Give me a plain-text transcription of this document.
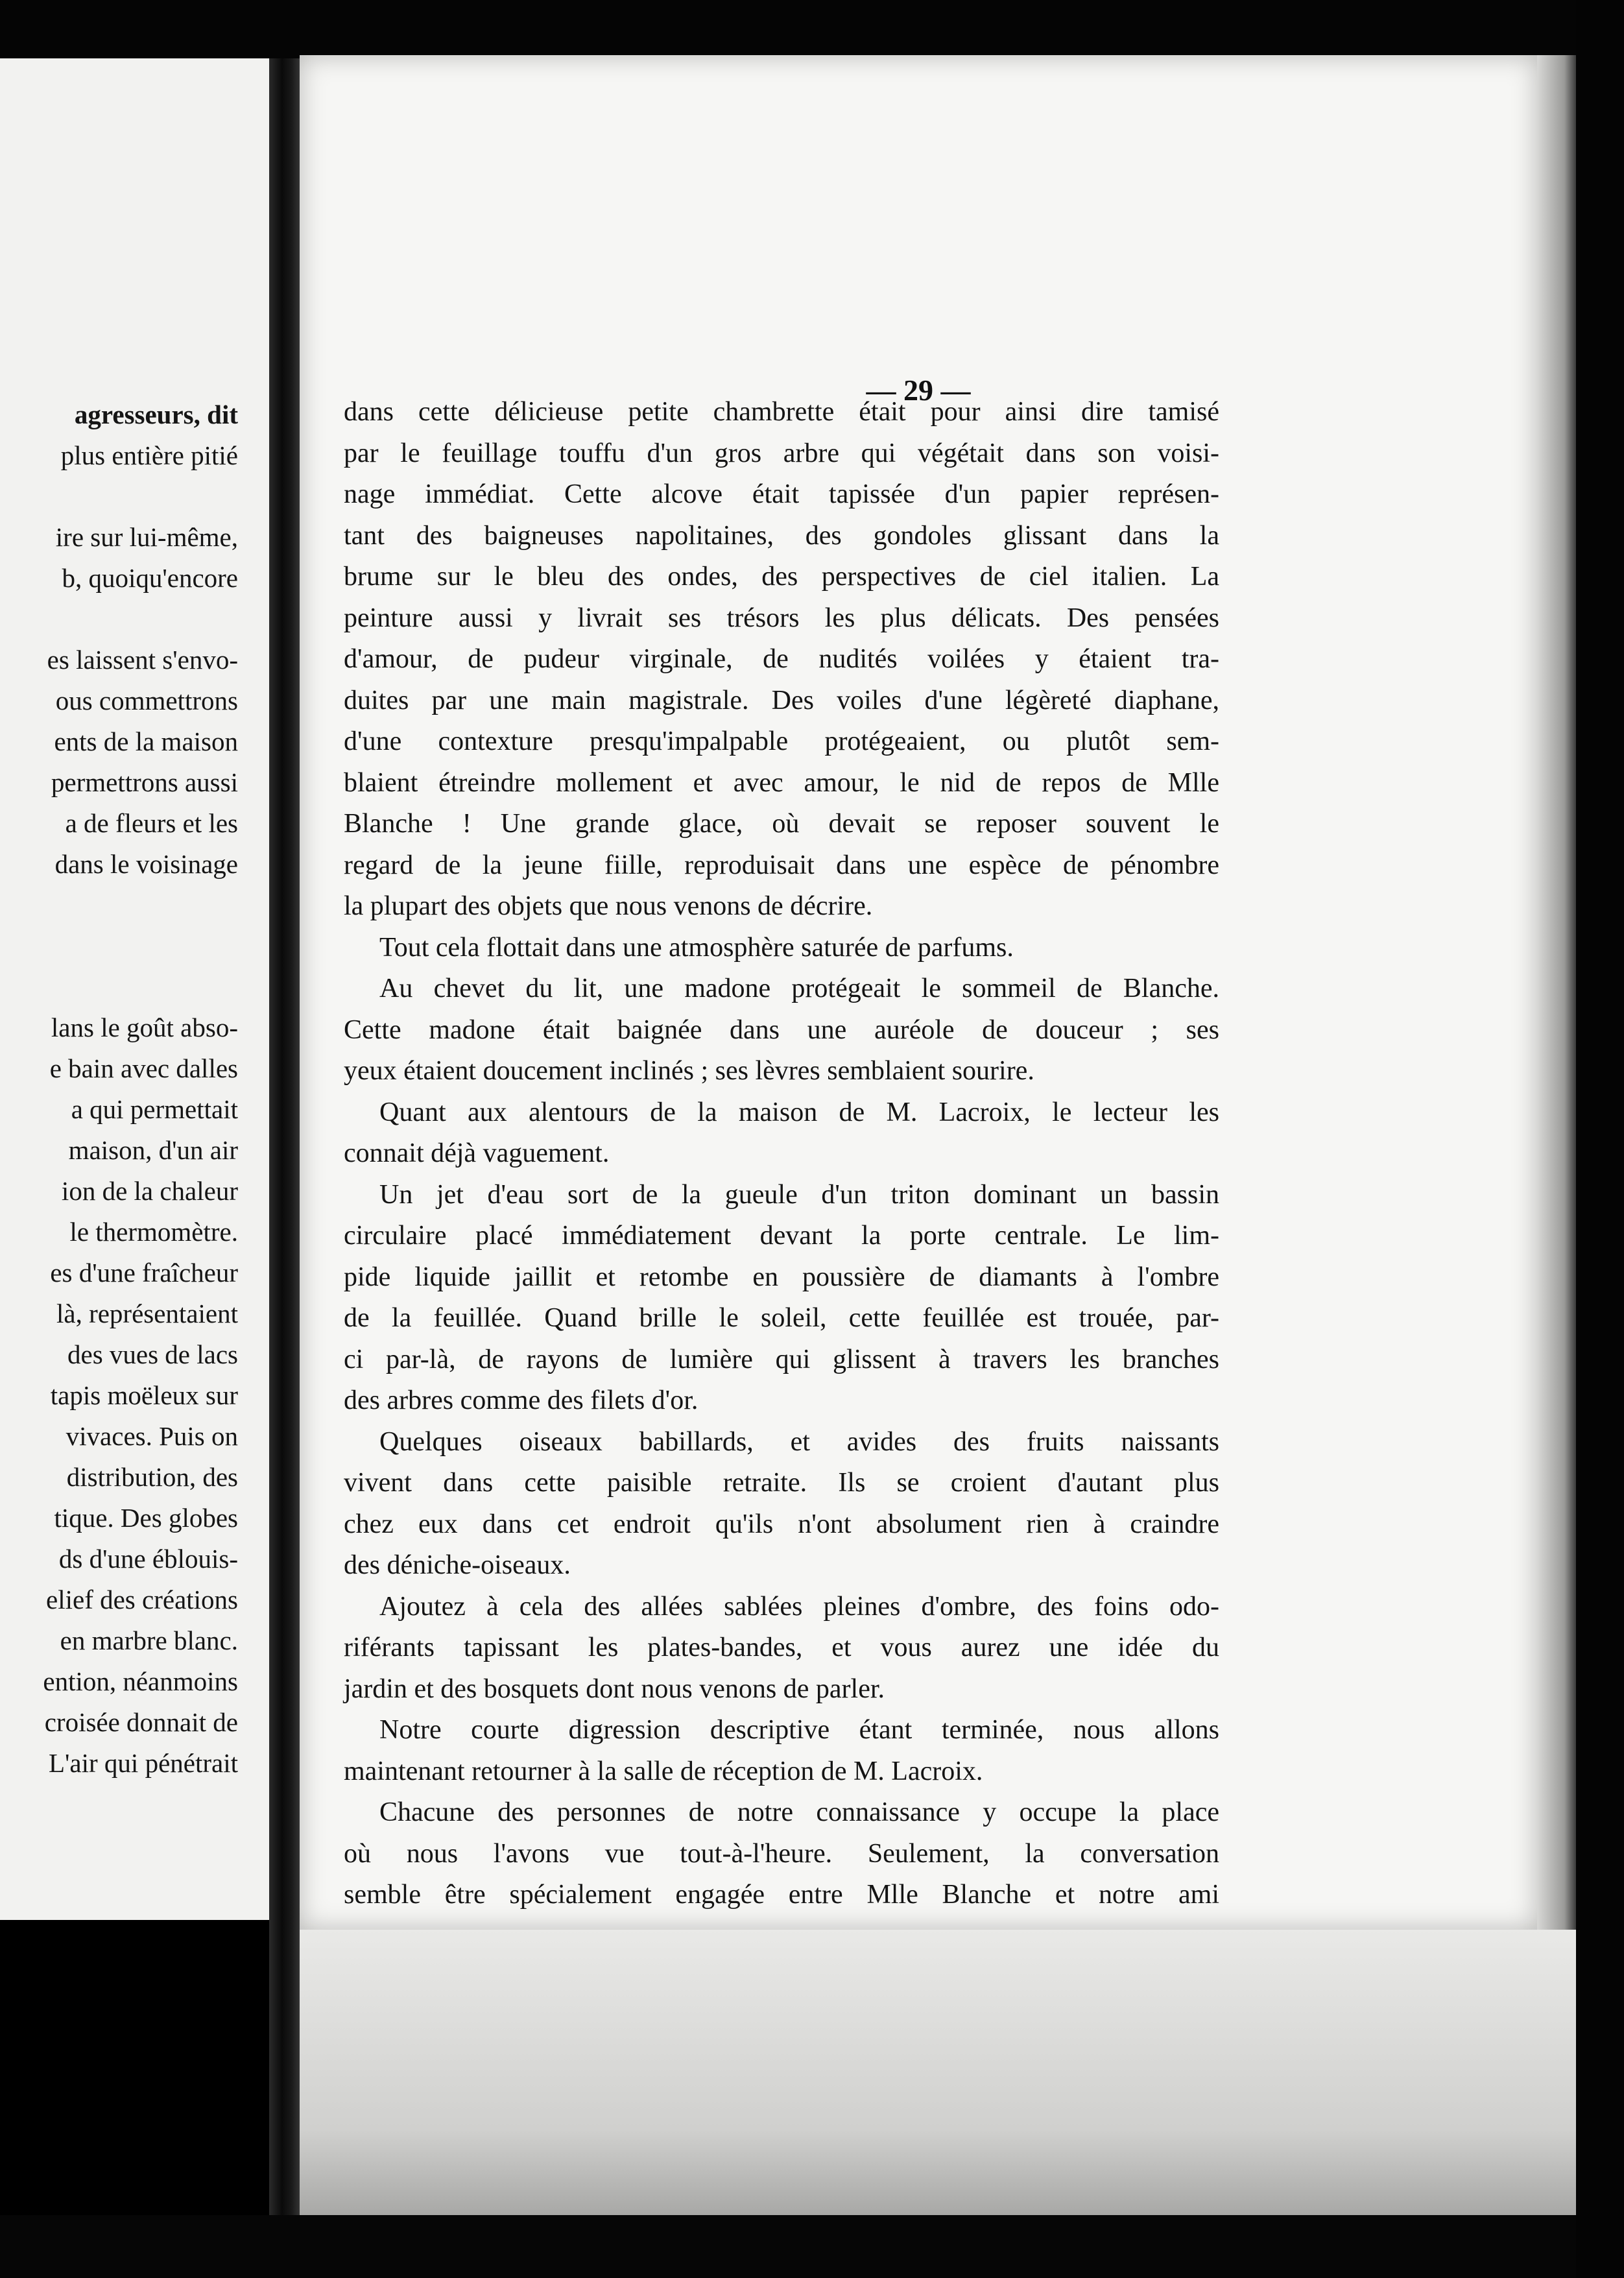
agresseurs, dit
plus entière pitié
ire sur lui-même,
b, quoiqu'encore
es laissent s'envo-
ous commettrons
ents de la maison
permettrons aussi
a de fleurs et les
dans le voisinage
lans le goût abso-
e bain avec dalles
a qui permettait
maison, d'un air
ion de la chaleur
le thermomètre.
es d'une fraîcheur
là, représentaient
des vues de lacs
tapis moëleux sur
vivaces. Puis on
distribution, des
tique. Des globes
ds d'une éblouis-
elief des créations
en marbre blanc.
ention, néanmoins
croisée donnait de
L'air qui pénétrait
— 29 —
dans cette délicieuse petite chambrette était pour ainsi dire tamisé
par le feuillage touffu d'un gros arbre qui végétait dans son voisi-
nage immédiat. Cette alcove était tapissée d'un papier représen-
tant des baigneuses napolitaines, des gondoles glissant dans la
brume sur le bleu des ondes, des perspectives de ciel italien. La
peinture aussi y livrait ses trésors les plus délicats. Des pensées
d'amour, de pudeur virginale, de nudités voilées y étaient tra-
duites par une main magistrale. Des voiles d'une légèreté diaphane,
d'une contexture presqu'impalpable protégeaient, ou plutôt sem-
blaient étreindre mollement et avec amour, le nid de repos de Mlle
Blanche ! Une grande glace, où devait se reposer souvent le
regard de la jeune fiille, reproduisait dans une espèce de pénombre
la plupart des objets que nous venons de décrire.
Tout cela flottait dans une atmosphère saturée de parfums.
Au chevet du lit, une madone protégeait le sommeil de Blanche.
Cette madone était baignée dans une auréole de douceur ; ses
yeux étaient doucement inclinés ; ses lèvres semblaient sourire.
Quant aux alentours de la maison de M. Lacroix, le lecteur les
connait déjà vaguement.
Un jet d'eau sort de la gueule d'un triton dominant un bassin
circulaire placé immédiatement devant la porte centrale. Le lim-
pide liquide jaillit et retombe en poussière de diamants à l'ombre
de la feuillée. Quand brille le soleil, cette feuillée est trouée, par-
ci par-là, de rayons de lumière qui glissent à travers les branches
des arbres comme des filets d'or.
Quelques oiseaux babillards, et avides des fruits naissants
vivent dans cette paisible retraite. Ils se croient d'autant plus
chez eux dans cet endroit qu'ils n'ont absolument rien à craindre
des déniche-oiseaux.
Ajoutez à cela des allées sablées pleines d'ombre, des foins odo-
riférants tapissant les plates-bandes, et vous aurez une idée du
jardin et des bosquets dont nous venons de parler.
Notre courte digression descriptive étant terminée, nous allons
maintenant retourner à la salle de réception de M. Lacroix.
Chacune des personnes de notre connaissance y occupe la place
où nous l'avons vue tout-à-l'heure. Seulement, la conversation
semble être spécialement engagée entre Mlle Blanche et notre ami
